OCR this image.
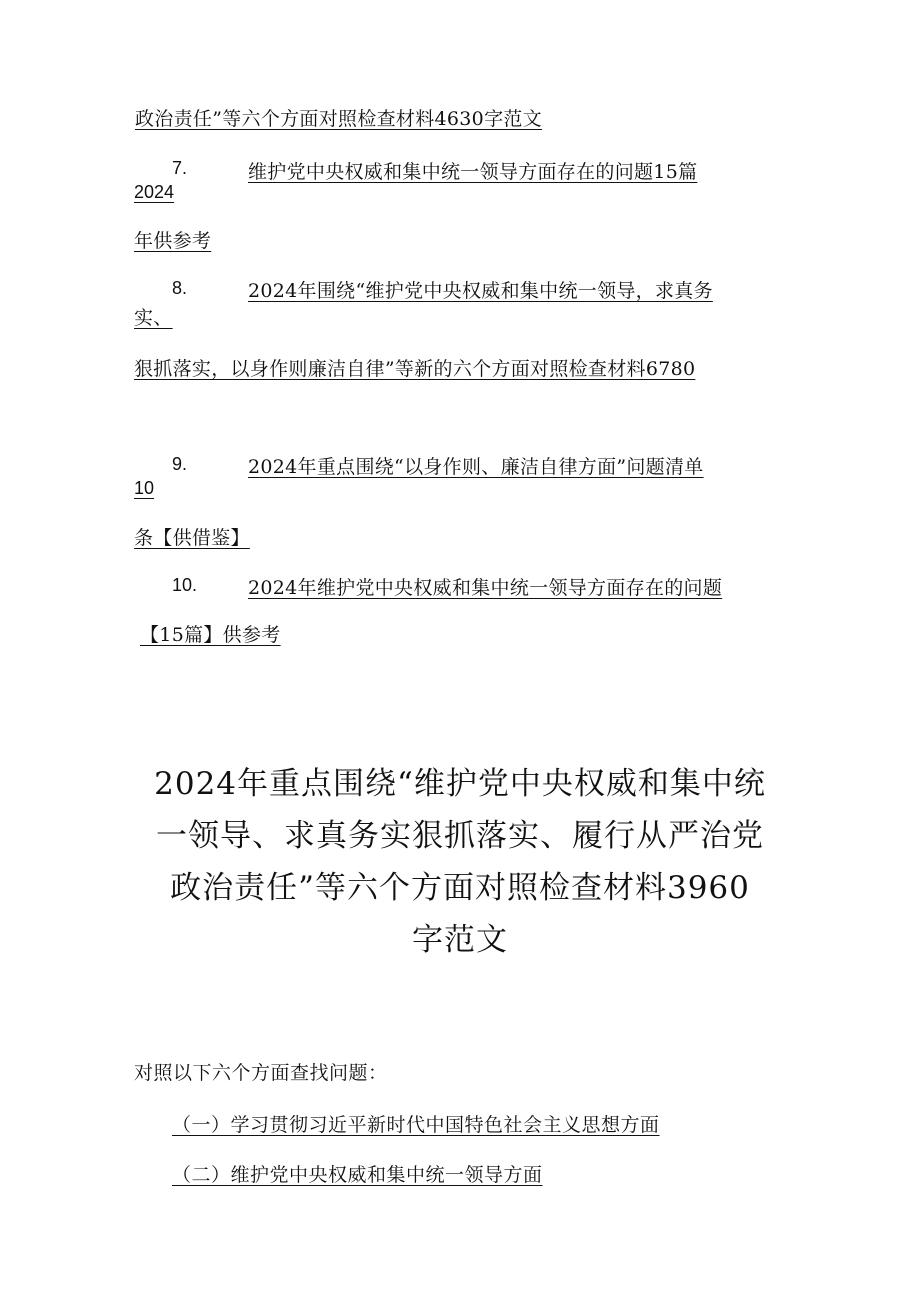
政治责任”等六个方面对照检查材料4630字范文
7.	维护党中央权威和集中统一领导方面存在的问题15篇
2024
年供参考
8.	2024年围绕“维护党中央权威和集中统一领导，求真务
实、
狠抓落实，以身作则廉洁自律”等新的六个方面对照检查材料6780
9.	2024年重点围绕“以身作则、廉洁自律方面”问题清单
10
条【供借鉴】
10.	2024年维护党中央权威和集中统一领导方面存在的问题
【15篇】供参考
2024年重点围绕“维护党中央权威和集中统
一领导、求真务实狠抓落实、履行从严治党
政治责任”等六个方面对照检查材料3960
字范文
对照以下六个方面查找问题：
（一）学习贯彻习近平新时代中国特色社会主义思想方面
（二）维护党中央权威和集中统一领导方面
